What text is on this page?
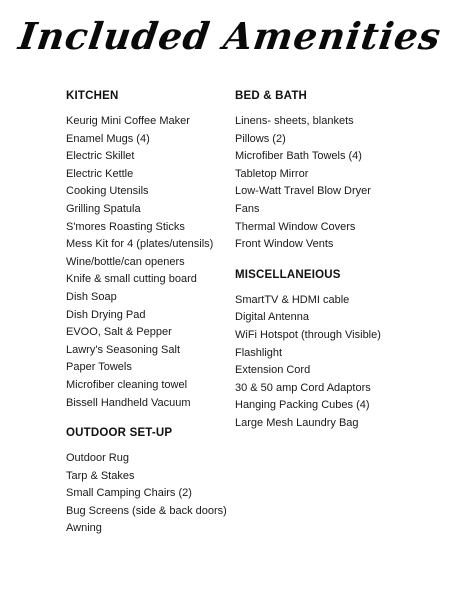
Included Amenities
KITCHEN
Keurig Mini Coffee Maker
Enamel Mugs (4)
Electric Skillet
Electric Kettle
Cooking Utensils
Grilling Spatula
S'mores Roasting Sticks
Mess Kit for 4 (plates/utensils)
Wine/bottle/can openers
Knife & small cutting board
Dish Soap
Dish Drying Pad
EVOO, Salt & Pepper
Lawry's Seasoning Salt
Paper Towels
Microfiber cleaning towel
Bissell Handheld Vacuum
OUTDOOR SET-UP
Outdoor Rug
Tarp & Stakes
Small Camping Chairs (2)
Bug Screens (side & back doors)
Awning
BED & BATH
Linens- sheets, blankets
Pillows (2)
Microfiber Bath Towels (4)
Tabletop Mirror
Low-Watt Travel Blow Dryer
Fans
Thermal Window Covers
Front Window Vents
MISCELLANEIOUS
SmartTV & HDMI cable
Digital Antenna
WiFi Hotspot (through Visible)
Flashlight
Extension Cord
30 & 50 amp Cord Adaptors
Hanging Packing Cubes (4)
Large Mesh Laundry Bag
